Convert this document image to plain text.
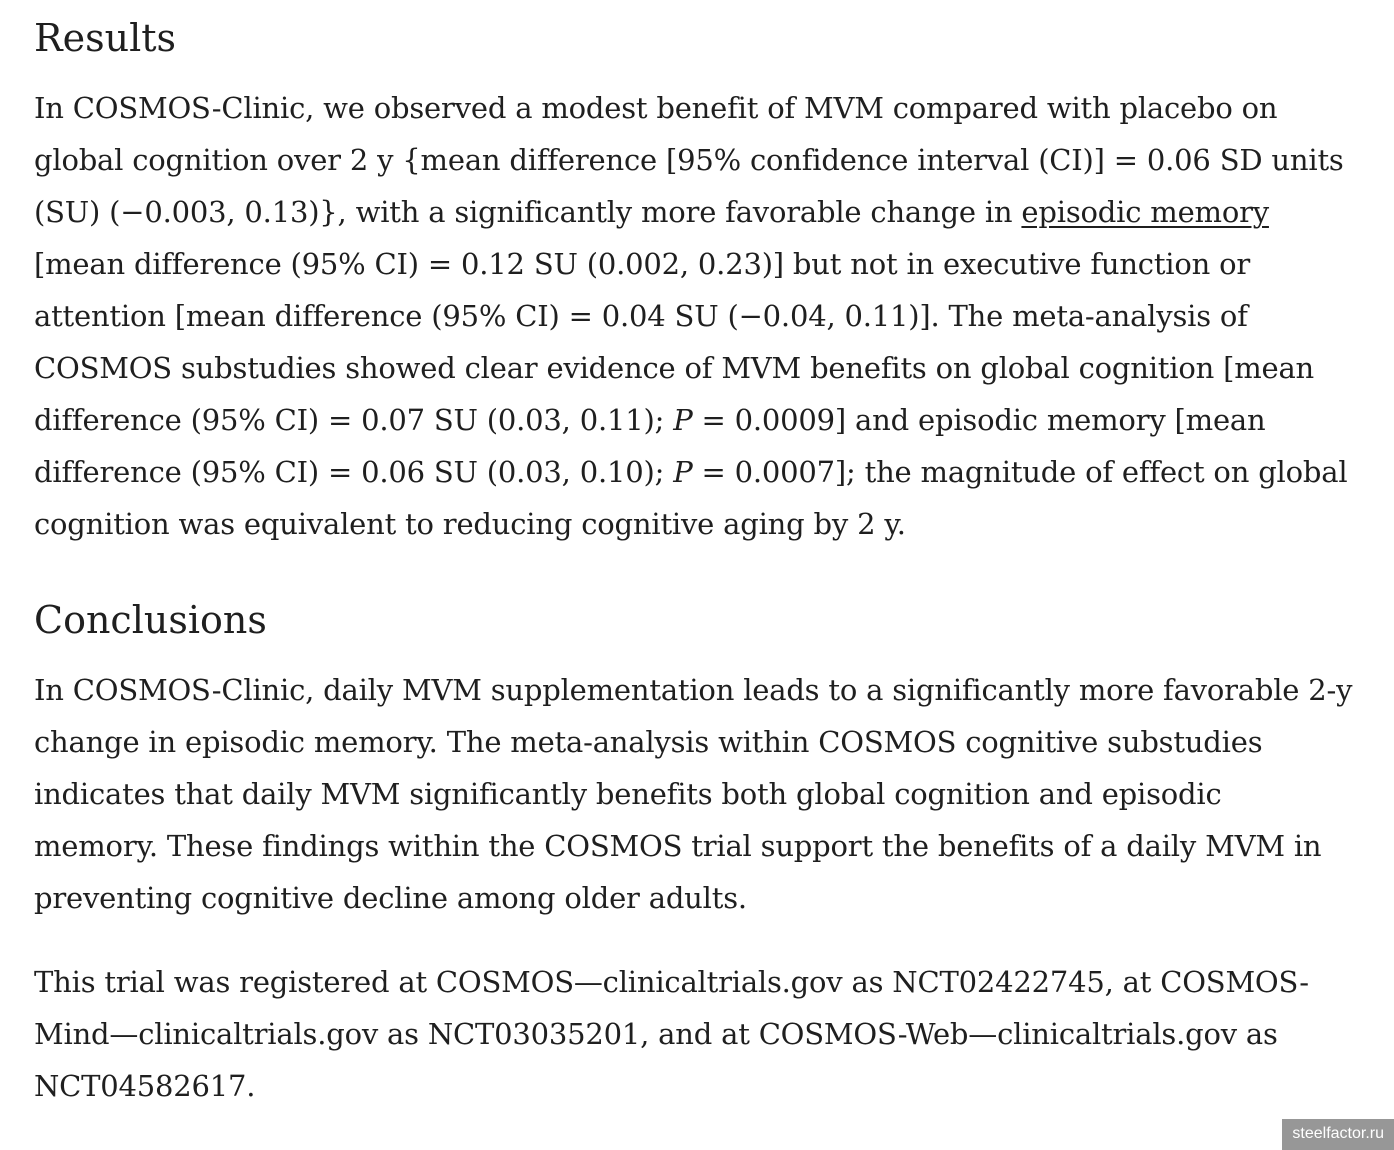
Results

In COSMOS-Clinic, we observed a modest benefit of MVM compared with placebo on global cognition over 2 y {mean difference [95% confidence interval (CI)] = 0.06 SD units (SU) (−0.003, 0.13)}, with a significantly more favorable change in episodic memory [mean difference (95% CI) = 0.12 SU (0.002, 0.23)] but not in executive function or attention [mean difference (95% CI) = 0.04 SU (−0.04, 0.11)]. The meta-analysis of COSMOS substudies showed clear evidence of MVM benefits on global cognition [mean difference (95% CI) = 0.07 SU (0.03, 0.11); P = 0.0009] and episodic memory [mean difference (95% CI) = 0.06 SU (0.03, 0.10); P = 0.0007]; the magnitude of effect on global cognition was equivalent to reducing cognitive aging by 2 y.

Conclusions

In COSMOS-Clinic, daily MVM supplementation leads to a significantly more favorable 2-y change in episodic memory. The meta-analysis within COSMOS cognitive substudies indicates that daily MVM significantly benefits both global cognition and episodic memory. These findings within the COSMOS trial support the benefits of a daily MVM in preventing cognitive decline among older adults.

This trial was registered at COSMOS—clinicaltrials.gov as NCT02422745, at COSMOS-Mind—clinicaltrials.gov as NCT03035201, and at COSMOS-Web—clinicaltrials.gov as NCT04582617.

steelfactor.ru
